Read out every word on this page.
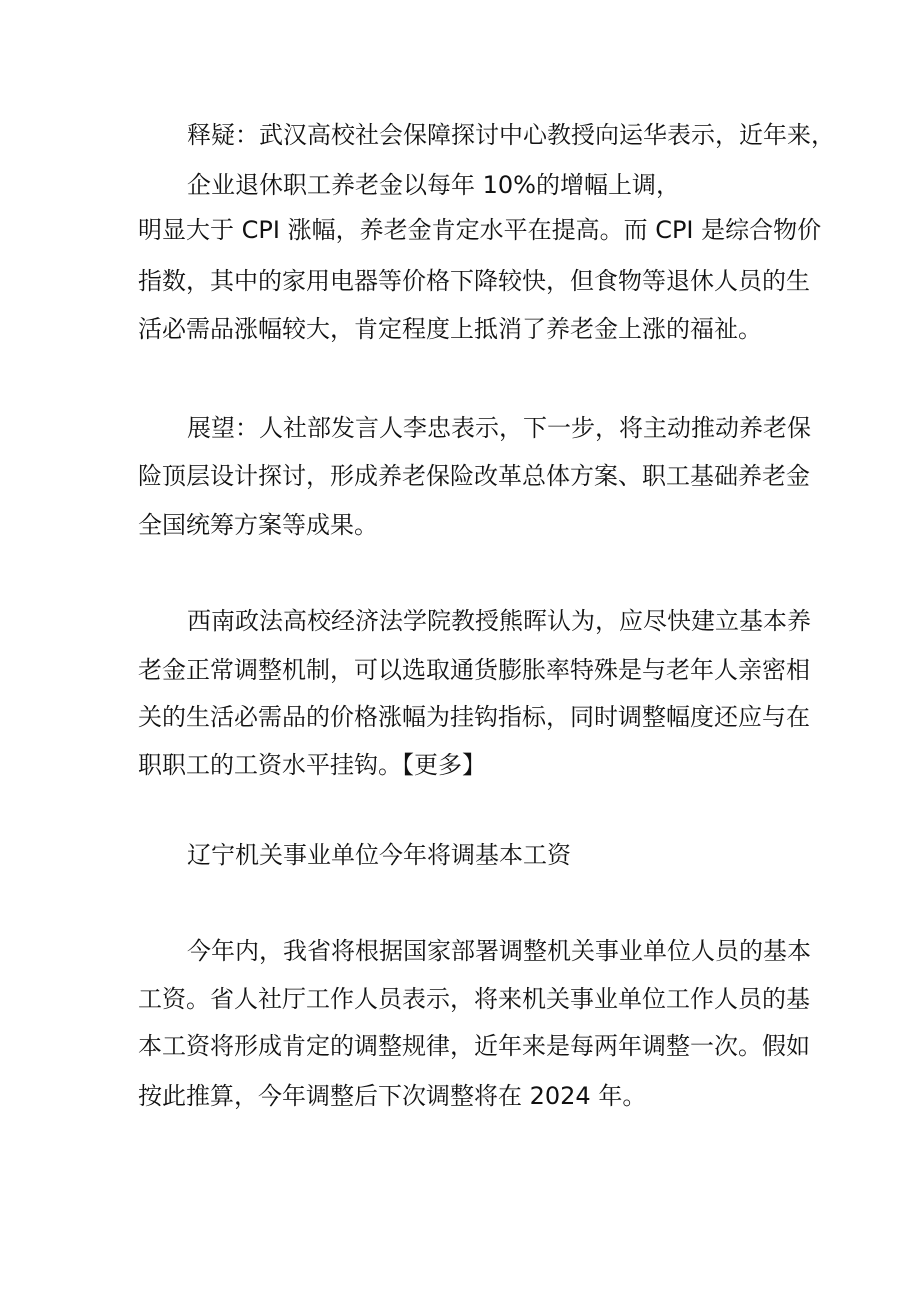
释疑：武汉高校社会保障探讨中心教授向运华表示，近年来，

企业退休职工养老金以每年 10%的增幅上调，

明显大于 CPI 涨幅，养老金肯定水平在提高。而 CPI 是综合物价

指数，其中的家用电器等价格下降较快，但食物等退休人员的生

活必需品涨幅较大，肯定程度上抵消了养老金上涨的福祉。

展望：人社部发言人李忠表示，下一步，将主动推动养老保

险顶层设计探讨，形成养老保险改革总体方案、职工基础养老金

全国统筹方案等成果。

西南政法高校经济法学院教授熊晖认为，应尽快建立基本养

老金正常调整机制，可以选取通货膨胀率特殊是与老年人亲密相

关的生活必需品的价格涨幅为挂钩指标，同时调整幅度还应与在

职职工的工资水平挂钩。【更多】

辽宁机关事业单位今年将调基本工资

今年内，我省将根据国家部署调整机关事业单位人员的基本

工资。省人社厅工作人员表示，将来机关事业单位工作人员的基

本工资将形成肯定的调整规律，近年来是每两年调整一次。假如

按此推算，今年调整后下次调整将在 2024 年。
